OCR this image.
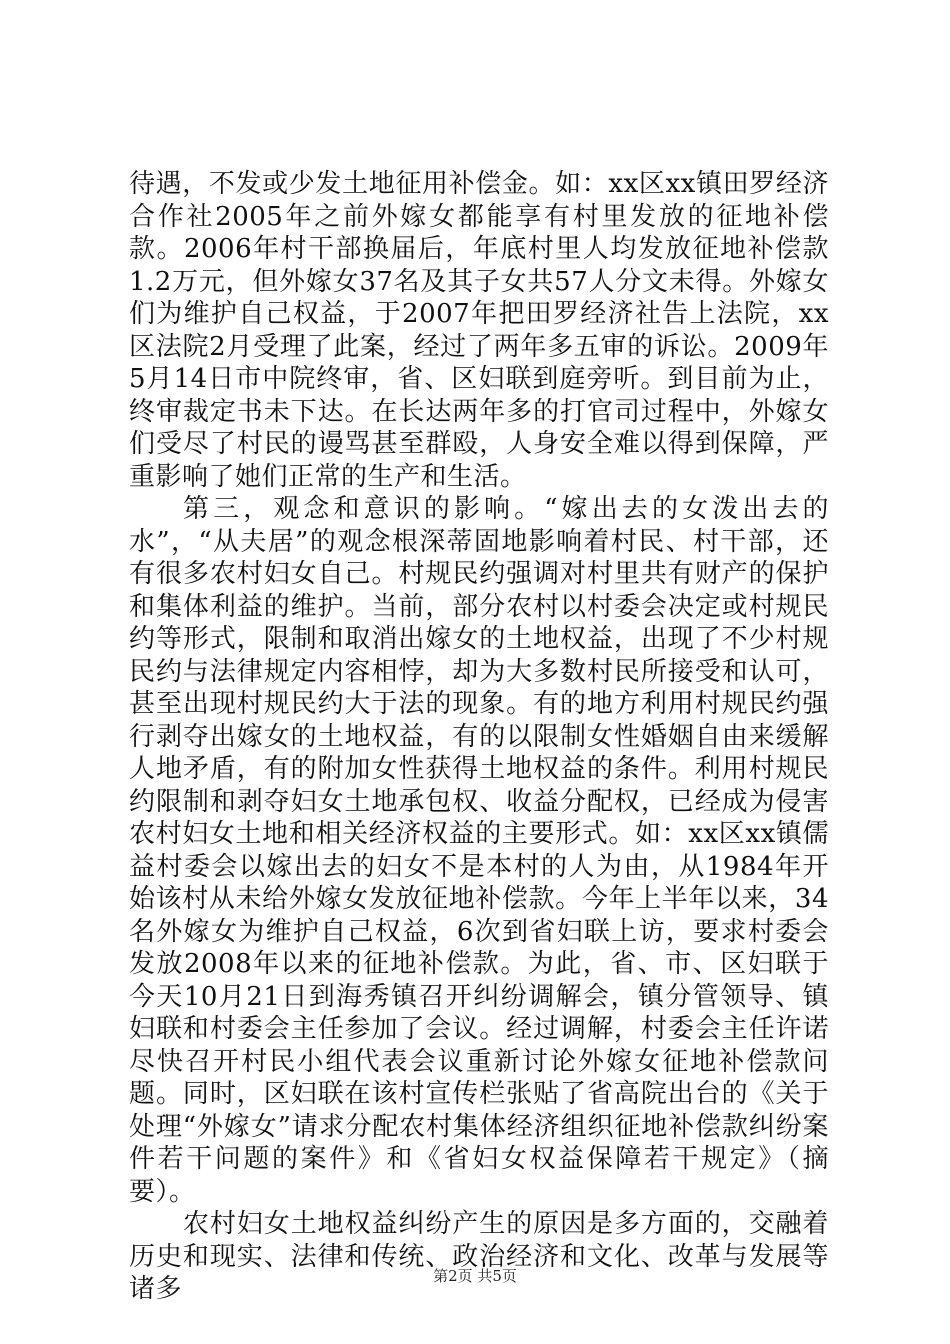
待遇，不发或少发土地征用补偿金。如：xx区xx镇田罗经济合作社2005年之前外嫁女都能享有村里发放的征地补偿款。2006年村干部换届后，年底村里人均发放征地补偿款1.2万元，但外嫁女37名及其子女共57人分文未得。外嫁女们为维护自己权益，于2007年把田罗经济社告上法院，xx区法院2月受理了此案，经过了两年多五审的诉讼。2009年5月14日市中院终审，省、区妇联到庭旁听。到目前为止，终审裁定书未下达。在长达两年多的打官司过程中，外嫁女们受尽了村民的谩骂甚至群殴，人身安全难以得到保障，严重影响了她们正常的生产和生活。

第三，观念和意识的影响。“嫁出去的女泼出去的水”，“从夫居”的观念根深蒂固地影响着村民、村干部，还有很多农村妇女自己。村规民约强调对村里共有财产的保护和集体利益的维护。当前，部分农村以村委会决定或村规民约等形式，限制和取消出嫁女的土地权益，出现了不少村规民约与法律规定内容相悖，却为大多数村民所接受和认可，甚至出现村规民约大于法的现象。有的地方利用村规民约强行剥夺出嫁女的土地权益，有的以限制女性婚姻自由来缓解人地矛盾，有的附加女性获得土地权益的条件。利用村规民约限制和剥夺妇女土地承包权、收益分配权，已经成为侵害农村妇女土地和相关经济权益的主要形式。如：xx区xx镇儒益村委会以嫁出去的妇女不是本村的人为由，从1984年开始该村从未给外嫁女发放征地补偿款。今年上半年以来，34名外嫁女为维护自己权益，6次到省妇联上访，要求村委会发放2008年以来的征地补偿款。为此，省、市、区妇联于今天10月21日到海秀镇召开纠纷调解会，镇分管领导、镇妇联和村委会主任参加了会议。经过调解，村委会主任许诺尽快召开村民小组代表会议重新讨论外嫁女征地补偿款问题。同时，区妇联在该村宣传栏张贴了省高院出台的《关于处理“外嫁女”请求分配农村集体经济组织征地补偿款纠纷案件若干问题的案件》和《省妇女权益保障若干规定》（摘要）。

农村妇女土地权益纠纷产生的原因是多方面的，交融着历史和现实、法律和传统、政治经济和文化、改革与发展等诸多	第2页 共5页
